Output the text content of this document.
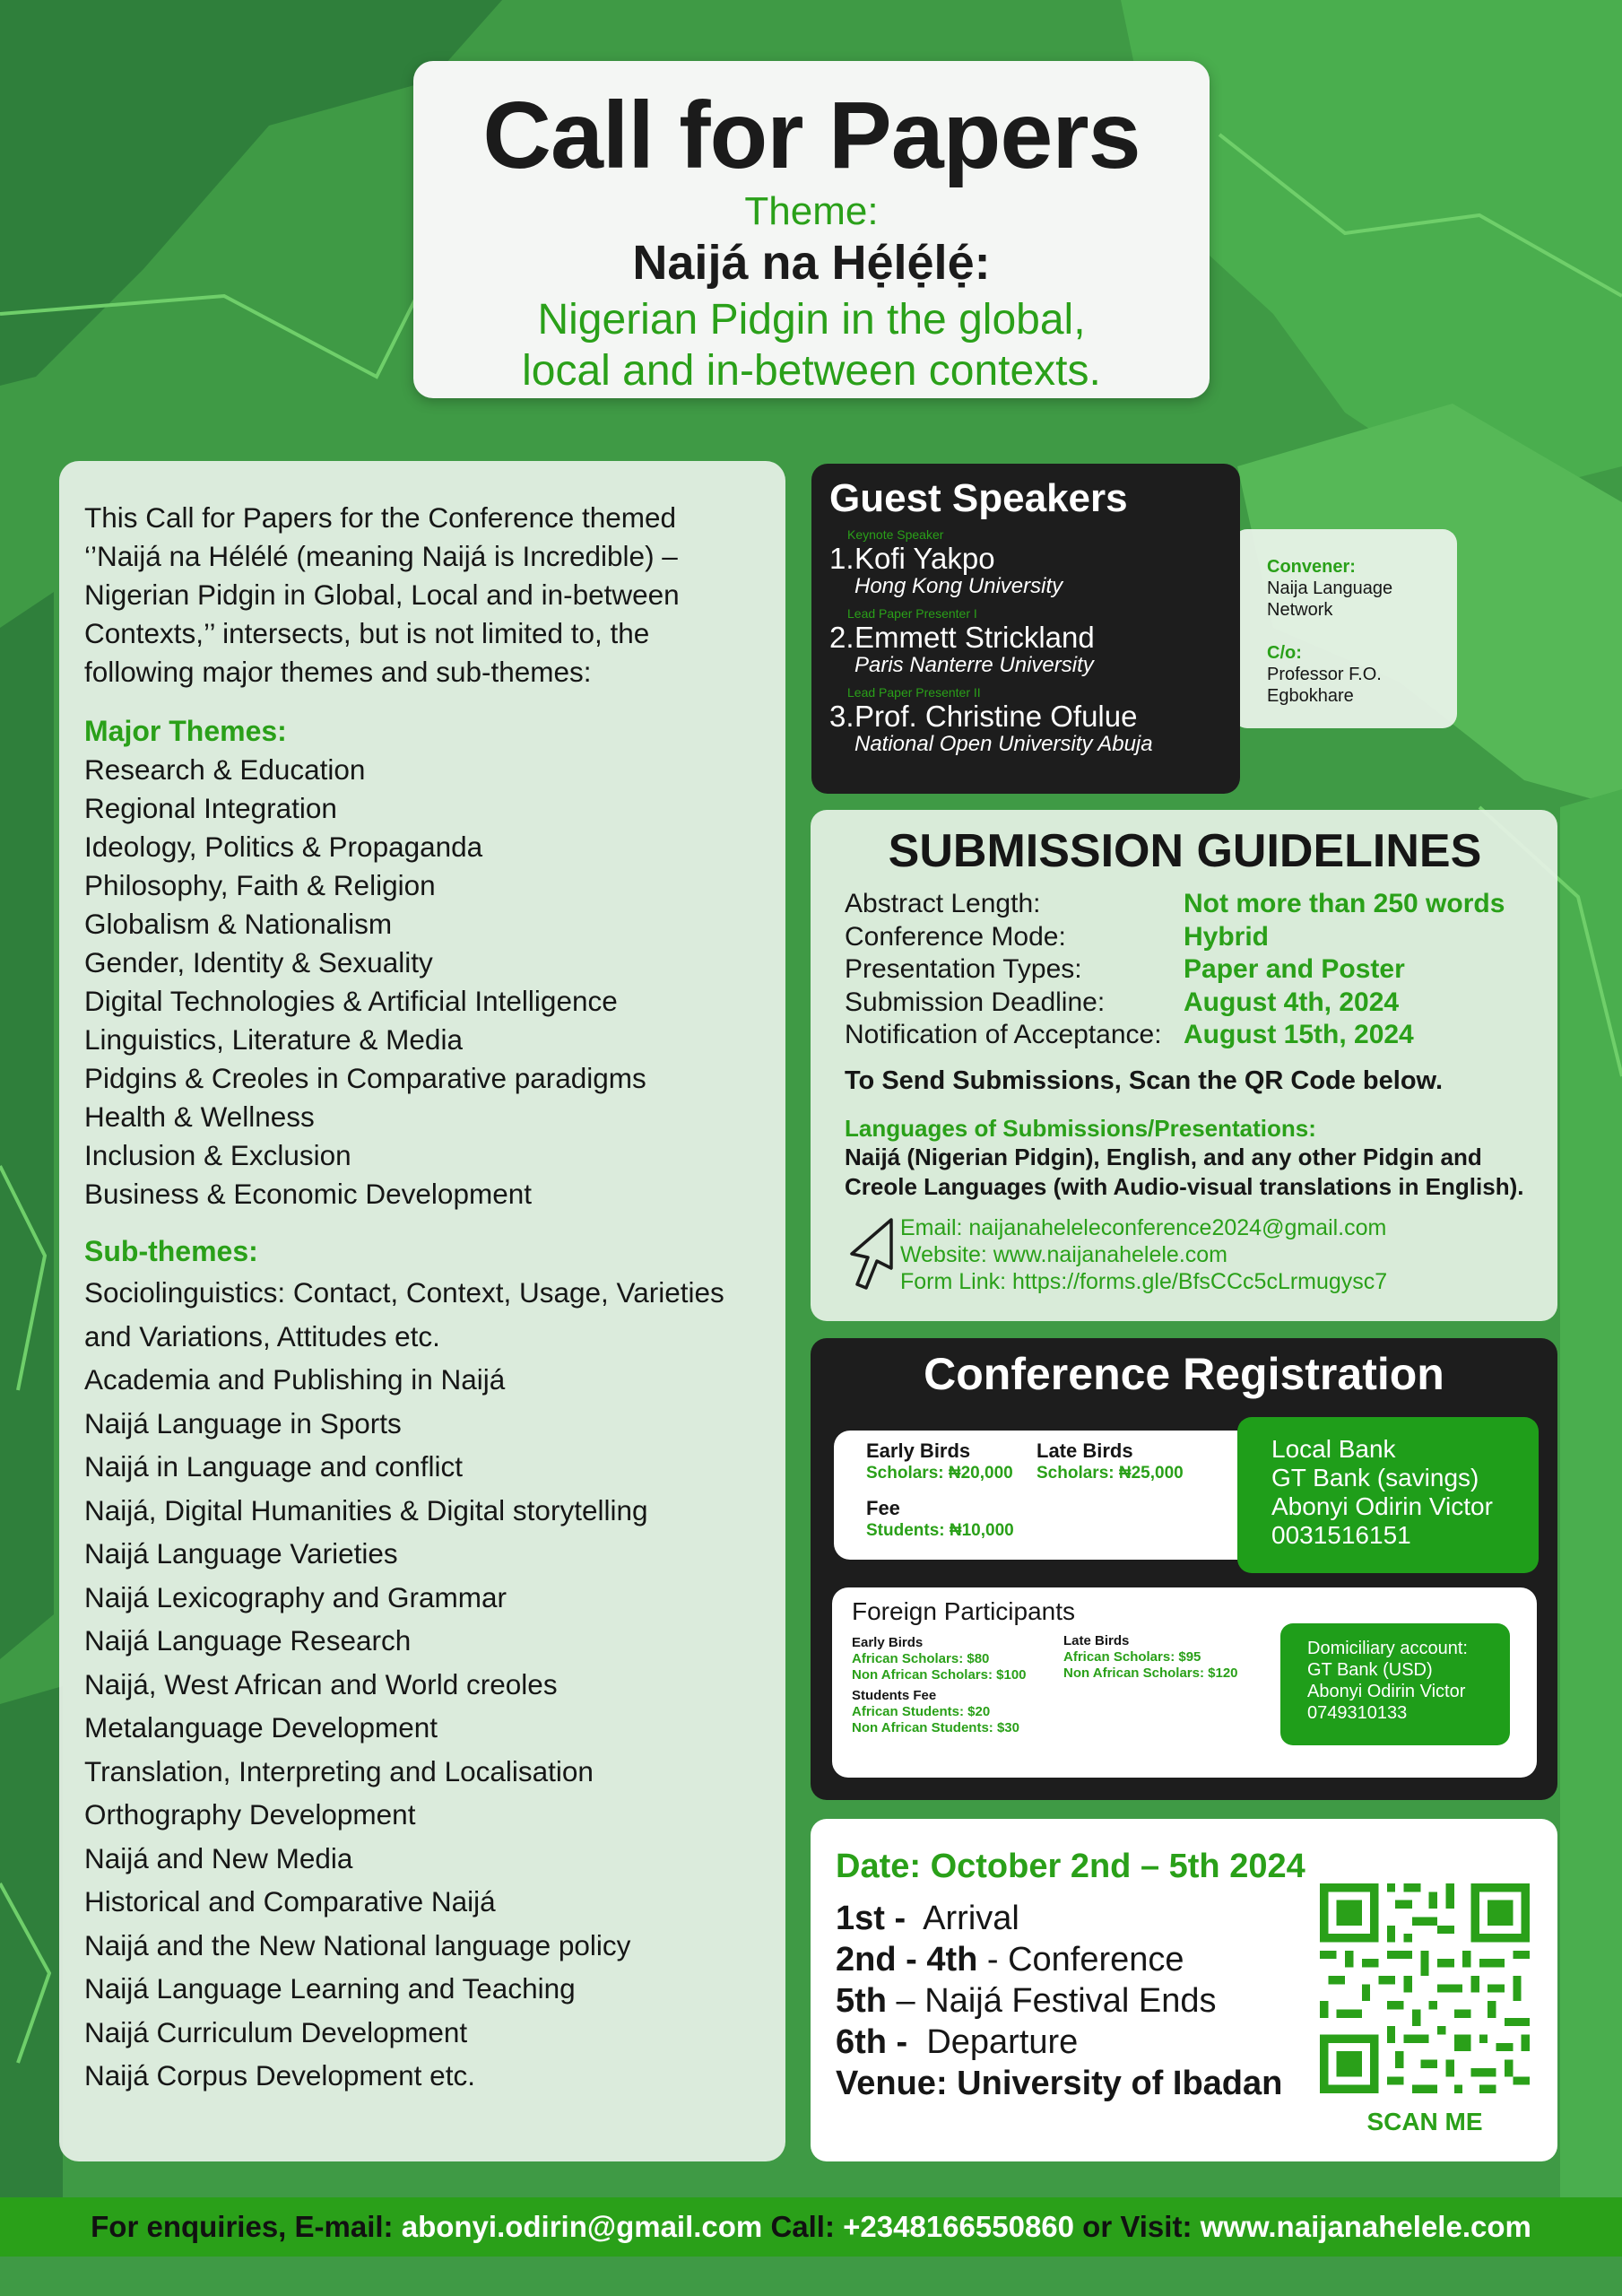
Call for Papers
Theme:
Naijá na Hẹ́lẹ́lẹ́:
Nigerian Pidgin in the global,
local and in-between contexts.

This Call for Papers for the Conference themed ‘’Naijá na Hélélé (meaning Naijá is Incredible) – Nigerian Pidgin in Global, Local and in-between Contexts,’’ intersects, but is not limited to, the following major themes and sub-themes:

Major Themes:
Research & Education
Regional Integration
Ideology, Politics & Propaganda
Philosophy, Faith & Religion
Globalism & Nationalism
Gender, Identity & Sexuality
Digital Technologies & Artificial Intelligence
Linguistics, Literature & Media
Pidgins & Creoles in Comparative paradigms
Health & Wellness
Inclusion & Exclusion
Business & Economic Development
Sub-themes:
Sociolinguistics: Contact, Context, Usage, Varieties
and Variations, Attitudes etc.
Academia and Publishing in Naijá
Naijá Language in Sports
Naijá in Language and conflict
Naijá, Digital Humanities & Digital storytelling
Naijá Language Varieties
Naijá Lexicography and Grammar
Naijá Language Research
Naijá, West African and World creoles
Metalanguage Development
Translation, Interpreting and Localisation
Orthography Development
Naijá and New Media
Historical and Comparative Naijá
Naijá and the New National language policy
Naijá Language Learning and Teaching
Naijá Curriculum Development
Naijá Corpus Development etc.
Convener:
Naija Language
Network
C/o:
Professor F.O.
Egbokhare
Guest Speakers
Keynote Speaker
1. Kofi Yakpo
Hong Kong University
Lead Paper Presenter I
2. Emmett Strickland
Paris Nanterre University
Lead Paper Presenter II
3. Prof. Christine Ofulue
National Open University Abuja
SUBMISSION GUIDELINES
Abstract Length:	Not more than 250 words
Conference Mode:	Hybrid
Presentation Types:	Paper and Poster
Submission Deadline:	August 4th, 2024
Notification of Acceptance: August 15th, 2024
To Send Submissions, Scan the QR Code below.
Languages of Submissions/Presentations:
Naijá (Nigerian Pidgin), English, and any other Pidgin and
Creole Languages (with Audio-visual translations in English).
Email: naijanaheleleconference2024@gmail.com
Website: www.naijanahelele.com
Form Link: https://forms.gle/BfsCCc5cLrmugysc7
Conference Registration
Early Birds
Scholars: ₦20,000
Late Birds
Scholars: ₦25,000
Fee
Students: ₦10,000
Local Bank
GT Bank (savings)
Abonyi Odirin Victor
0031516151
Foreign Participants
Early Birds
African Scholars: $80
Non African Scholars: $100
Students Fee
African Students: $20
Non African Students: $30
Late Birds
African Scholars: $95
Non African Scholars: $120
Domiciliary account:
GT Bank (USD)
Abonyi Odirin Victor
0749310133
Date: October 2nd – 5th 2024
1st -  Arrival
2nd - 4th - Conference
5th – Naijá Festival Ends
6th -  Departure
Venue: University of Ibadan
SCAN ME
For enquiries, E-mail: abonyi.odirin@gmail.com Call: +2348166550860 or Visit: www.naijanahelele.com
